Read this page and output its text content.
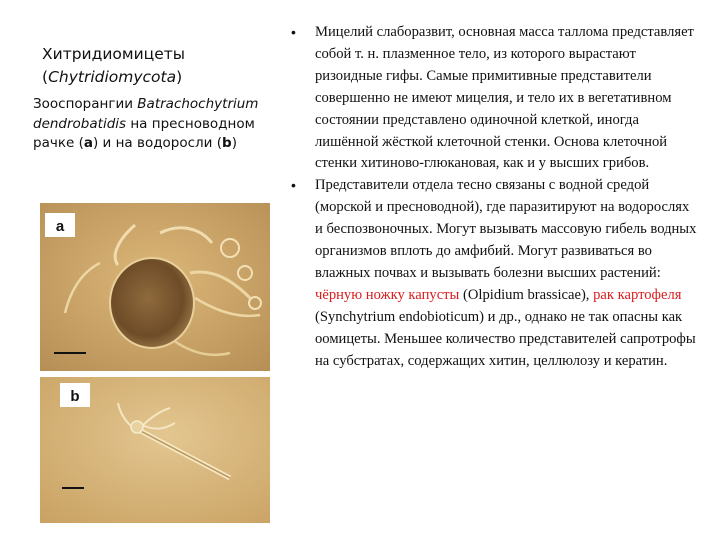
Хитридиомицеты
(Chytridiomycota)
Зооспорангии Batrachochytrium dendrobatidis на пресноводном рачке (a) и на водоросли (b)
a
b
• Мицелий слаборазвит, основная масса таллома представляет собой т. н. плазменное тело, из которого вырастают ризоидные гифы. Самые примитивные представители совершенно не имеют мицелия, и тело их в вегетативном состоянии представлено одиночной клеткой, иногда лишённой жёсткой клеточной стенки. Основа клеточной стенки хитиново-глюкановая, как и у высших грибов.
• Представители отдела тесно связаны с водной средой (морской и пресноводной), где паразитируют на водорослях и беспозвоночных. Могут вызывать массовую гибель водных организмов вплоть до амфибий. Могут развиваться во влажных почвах и вызывать болезни высших растений: чёрную ножку капусты (Olpidium brassicae), рак картофеля (Synchytrium endobioticum) и др., однако не так опасны как оомицеты. Меньшее количество представителей сапротрофы на субстратах, содержащих хитин, целлюлозу и кератин.
